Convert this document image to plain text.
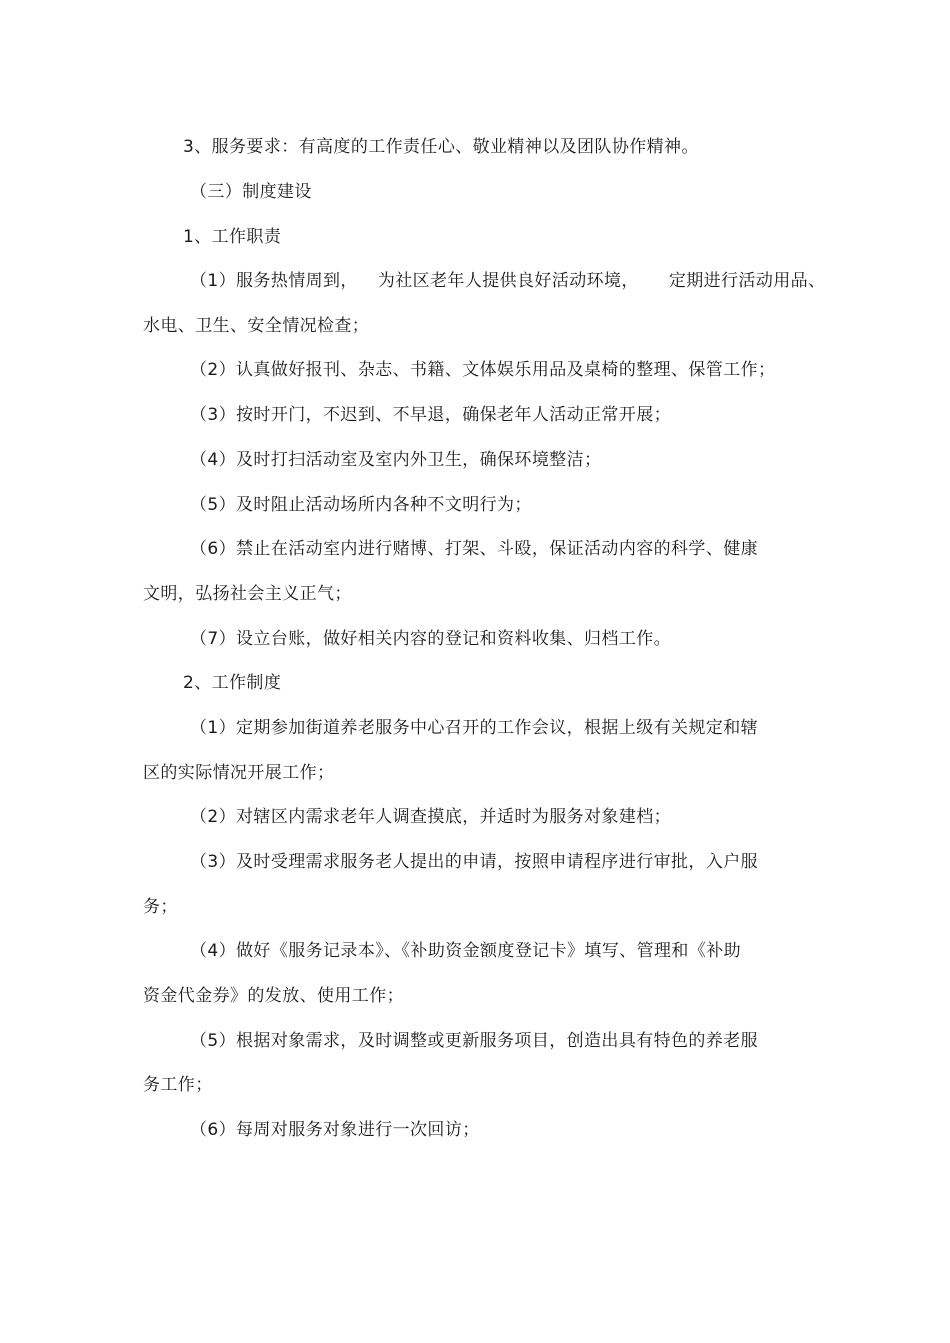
3、服务要求：有高度的工作责任心、敬业精神以及团队协作精神。
（三）制度建设
1、工作职责
（1）服务热情周到， 为社区老年人提供良好活动环境， 定期进行活动用品、
水电、卫生、安全情况检查；
（2）认真做好报刊、杂志、书籍、文体娱乐用品及桌椅的整理、保管工作；
（3）按时开门，不迟到、不早退，确保老年人活动正常开展；
（4）及时打扫活动室及室内外卫生，确保环境整洁；
（5）及时阻止活动场所内各种不文明行为；
（6）禁止在活动室内进行赌博、打架、斗殴，保证活动内容的科学、健康
文明，弘扬社会主义正气；
（7）设立台账，做好相关内容的登记和资料收集、归档工作。
2、工作制度
（1）定期参加街道养老服务中心召开的工作会议，根据上级有关规定和辖
区的实际情况开展工作；
（2）对辖区内需求老年人调查摸底，并适时为服务对象建档；
（3）及时受理需求服务老人提出的申请，按照申请程序进行审批，入户服
务；
（4）做好《服务记录本》、《补助资金额度登记卡》填写、管理和《补助
资金代金券》的发放、使用工作；
（5）根据对象需求，及时调整或更新服务项目，创造出具有特色的养老服
务工作；
（6）每周对服务对象进行一次回访；
